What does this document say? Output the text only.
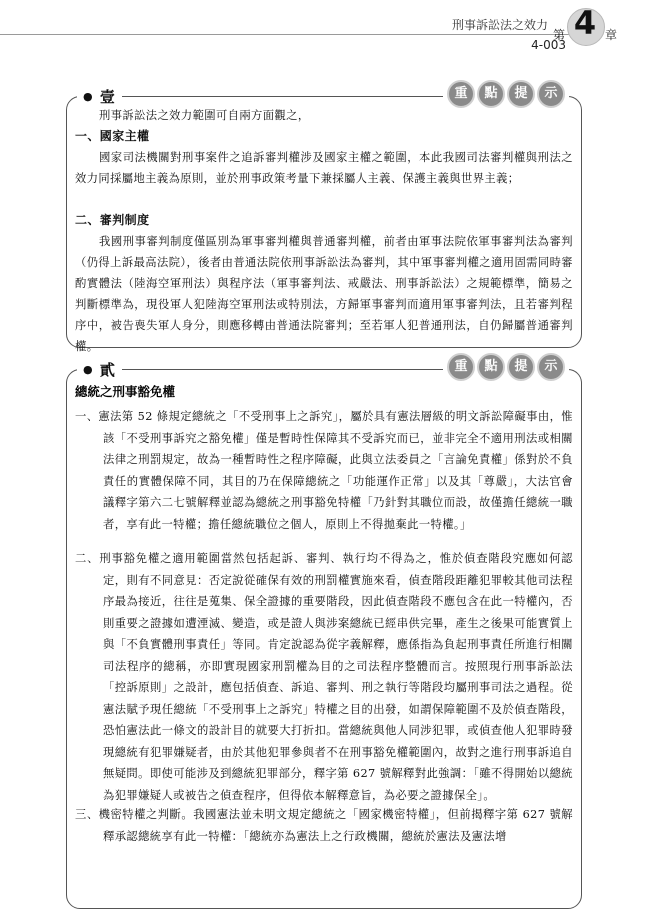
刑事訴訟法之效力
4-003
第 4 章
● 壹	重	點	提	示
刑事訴訟法之效力範圍可自兩方面觀之，
一、國家主權
國家司法機關對刑事案件之追訴審判權涉及國家主權之範圍，本此我國司法審判權與刑法之效力同採屬地主義為原則，並於刑事政策考量下兼採屬人主義、保護主義與世界主義；
二、審判制度
我國刑事審判制度僅區別為軍事審判權與普通審判權，前者由軍事法院依軍事審判法為審判（仍得上訴最高法院），後者由普通法院依刑事訴訟法為審判，其中軍事審判權之適用固需同時審酌實體法（陸海空軍刑法）與程序法（軍事審判法、戒嚴法、刑事訴訟法）之規範標準，簡易之判斷標準為，現役軍人犯陸海空軍刑法或特別法，方歸軍事審判而適用軍事審判法，且若審判程序中，被告喪失軍人身分，則應移轉由普通法院審判；至若軍人犯普通刑法，自仍歸屬普通審判權。
● 貳	重	點	提	示
總統之刑事豁免權
一、憲法第 52 條規定總統之「不受刑事上之訴究」，屬於具有憲法層級的明文訴訟障礙事由，惟該「不受刑事訴究之豁免權」僅是暫時性保障其不受訴究而已，並非完全不適用刑法或相關法律之刑罰規定，故為一種暫時性之程序障礙，此與立法委員之「言論免責權」係對於不負責任的實體保障不同，其目的乃在保障總統之「功能運作正常」以及其「尊嚴」，大法官會議釋字第六二七號解釋並認為總統之刑事豁免特權「乃針對其職位而設，故僅擔任總統一職者，享有此一特權；擔任總統職位之個人，原則上不得拋棄此一特權。」
二、刑事豁免權之適用範圍當然包括起訴、審判、執行均不得為之，惟於偵查階段究應如何認定，則有不同意見：否定說從確保有效的刑罰權實施來看，偵查階段距離犯罪較其他司法程序最為接近，往往是蒐集、保全證據的重要階段，因此偵查階段不應包含在此一特權內，否則重要之證據如遭湮滅、變造，或是證人與涉案總統已經串供完畢，產生之後果可能實質上與「不負實體刑事責任」等同。肯定說認為從字義解釋，應係指為負起刑事責任所進行相關司法程序的總稱，亦即實現國家刑罰權為目的之司法程序整體而言。按照現行刑事訴訟法「控訴原則」之設計，應包括偵查、訴追、審判、刑之執行等階段均屬刑事司法之過程。從憲法賦予現任總統「不受刑事上之訴究」特權之目的出發，如謂保障範圍不及於偵查階段，恐怕憲法此一條文的設計目的就要大打折扣。當總統與他人同涉犯罪，或偵查他人犯罪時發現總統有犯罪嫌疑者，由於其他犯罪參與者不在刑事豁免權範圍內，故對之進行刑事訴追自無疑問。即使可能涉及到總統犯罪部分，釋字第 627 號解釋對此強調：「雖不得開始以總統為犯罪嫌疑人或被告之偵查程序，但得依本解釋意旨，為必要之證據保全」。
三、機密特權之判斷。我國憲法並未明文規定總統之「國家機密特權」，但前揭釋字第 627 號解釋承認總統享有此一特權：「總統亦為憲法上之行政機關，總統於憲法及憲法增
